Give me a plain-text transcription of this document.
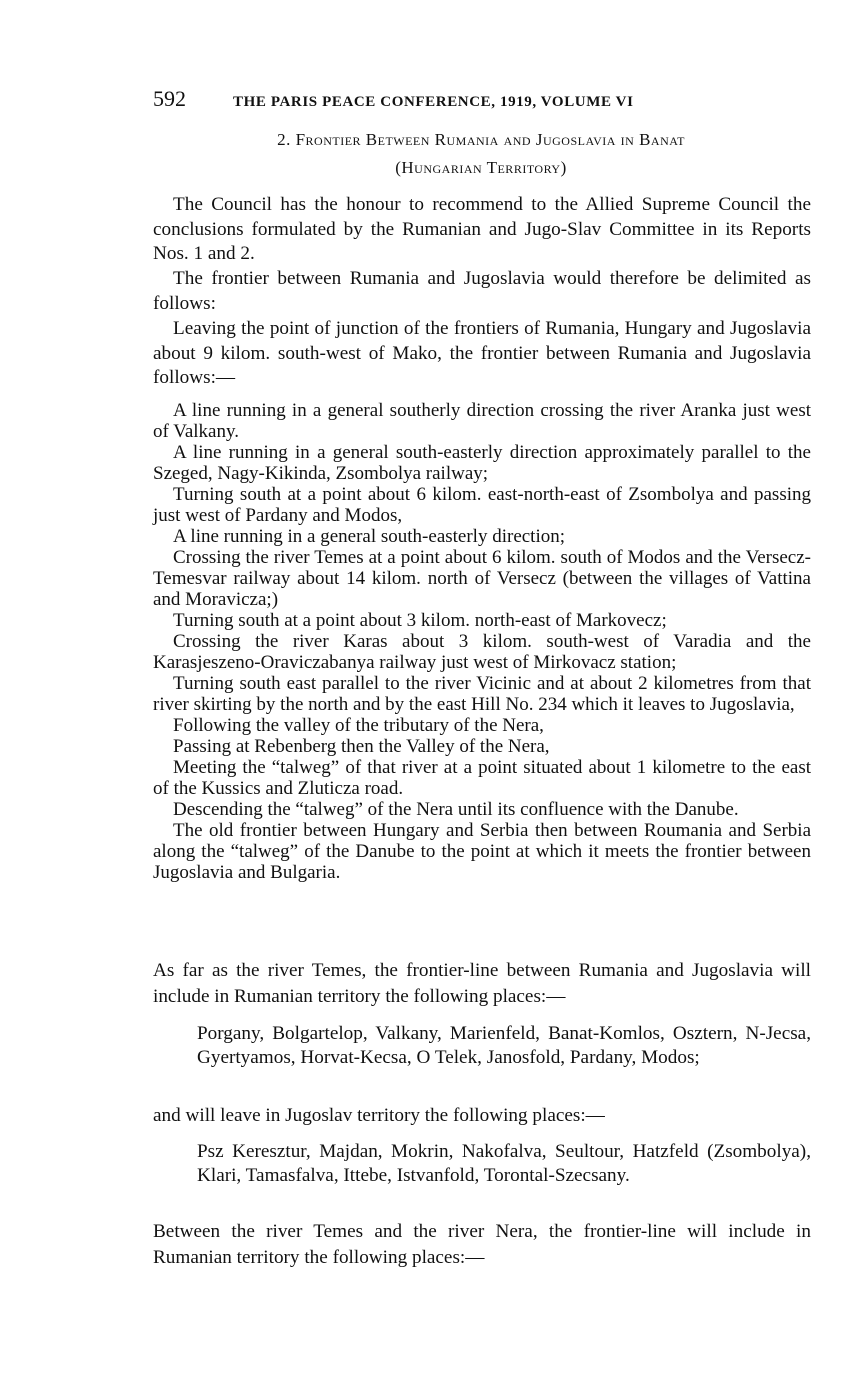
592	THE PARIS PEACE CONFERENCE, 1919, VOLUME VI
2. Frontier Between Rumania and Jugoslavia in Banat
(Hungarian Territory)

The Council has the honour to recommend to the Allied Supreme Council the conclusions formulated by the Rumanian and Jugo-Slav Committee in its Reports Nos. 1 and 2.

The frontier between Rumania and Jugoslavia would therefore be delimited as follows:

Leaving the point of junction of the frontiers of Rumania, Hungary and Jugoslavia about 9 kilom. south-west of Mako, the frontier between Rumania and Jugoslavia follows:—

A line running in a general southerly direction crossing the river Aranka just west of Valkany.

A line running in a general south-easterly direction approximately parallel to the Szeged, Nagy-Kikinda, Zsombolya railway;

Turning south at a point about 6 kilom. east-north-east of Zsombolya and passing just west of Pardany and Modos,

A line running in a general south-easterly direction;

Crossing the river Temes at a point about 6 kilom. south of Modos and the Versecz-Temesvar railway about 14 kilom. north of Versecz (between the villages of Vattina and Moravicza;)

Turning south at a point about 3 kilom. north-east of Markovecz;

Crossing the river Karas about 3 kilom. south-west of Varadia and the Karasjeszeno-Oraviczabanya railway just west of Mirkovacz station;

Turning south east parallel to the river Vicinic and at about 2 kilometres from that river skirting by the north and by the east Hill No. 234 which it leaves to Jugoslavia,

Following the valley of the tributary of the Nera,

Passing at Rebenberg then the Valley of the Nera,

Meeting the “talweg” of that river at a point situated about 1 kilometre to the east of the Kussics and Zluticza road.

Descending the “talweg” of the Nera until its confluence with the Danube.

The old frontier between Hungary and Serbia then between Roumania and Serbia along the “talweg” of the Danube to the point at which it meets the frontier between Jugoslavia and Bulgaria.

As far as the river Temes, the frontier-line between Rumania and Jugoslavia will include in Rumanian territory the following places:—
Porgany, Bolgartelop, Valkany, Marienfeld, Banat-Komlos, Osztern, N-Jecsa, Gyertyamos, Horvat-Kecsa, O Telek, Janosfold, Pardany, Modos;
and will leave in Jugoslav territory the following places:—
Psz Keresztur, Majdan, Mokrin, Nakofalva, Seultour, Hatzfeld (Zsombolya), Klari, Tamasfalva, Ittebe, Istvanfold, Torontal-Szecsany.
Between the river Temes and the river Nera, the frontier-line will include in Rumanian territory the following places:—
